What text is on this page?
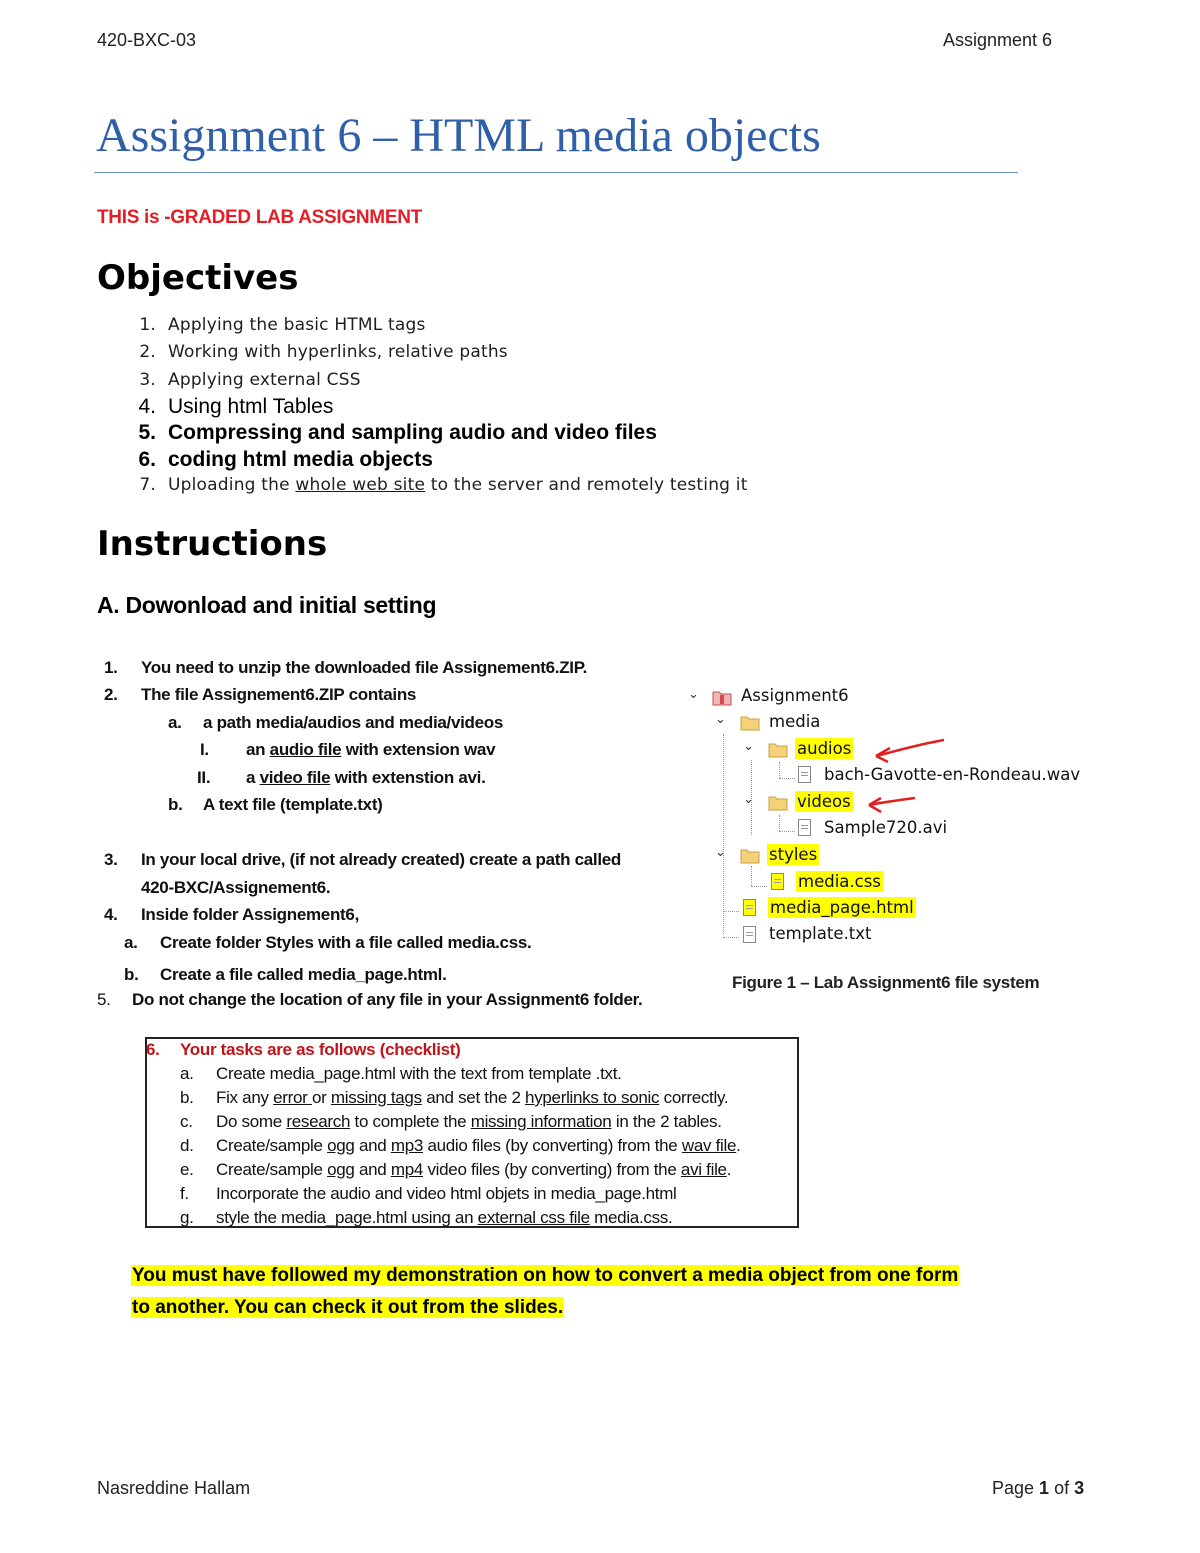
420-BXC-03	Assignment 6
Assignment 6 – HTML media objects
THIS is -GRADED LAB ASSIGNMENT
Objectives
1. Applying the basic HTML tags
2. Working with hyperlinks, relative paths
3. Applying external CSS
4. Using html Tables
5. Compressing and sampling audio and video files
6. coding html media objects
7. Uploading the whole web site to the server and remotely testing it
Instructions
A. Dowonload and initial setting
1. You need to unzip the downloaded file Assignement6.ZIP.
2. The file Assignement6.ZIP contains
a. a path media/audios and media/videos
I. an audio file with extension wav
II. a video file with extenstion avi.
b. A text file (template.txt)
3. In your local drive, (if not already created) create a path called
420-BXC/Assignement6.
4. Inside folder Assignement6,
a. Create folder Styles with a file called media.css.
b. Create a file called media_page.html.
5. Do not change the location of any file in your Assignment6 folder.
6. Your tasks are as follows (checklist)
a. Create media_page.html with the text from template .txt.
b. Fix any error or missing tags and set the 2 hyperlinks to sonic correctly.
c. Do some research to complete the missing information in the 2 tables.
d. Create/sample ogg and mp3 audio files (by converting) from the wav file.
e. Create/sample ogg and mp4 video files (by converting) from the avi file.
f. Incorporate the audio and video html objets in media_page.html
g. style the media_page.html using an external css file media.css.
You must have followed my demonstration on how to convert a media object from one form
to another. You can check it out from the slides.
⌄	Assignment6
⌄	media
⌄	audios
bach-Gavotte-en-Rondeau.wav
⌄	videos
Sample720.avi
⌄	styles
media.css
media_page.html
template.txt
Figure 1 – Lab Assignment6 file system
Nasreddine Hallam	Page 1 of 3
